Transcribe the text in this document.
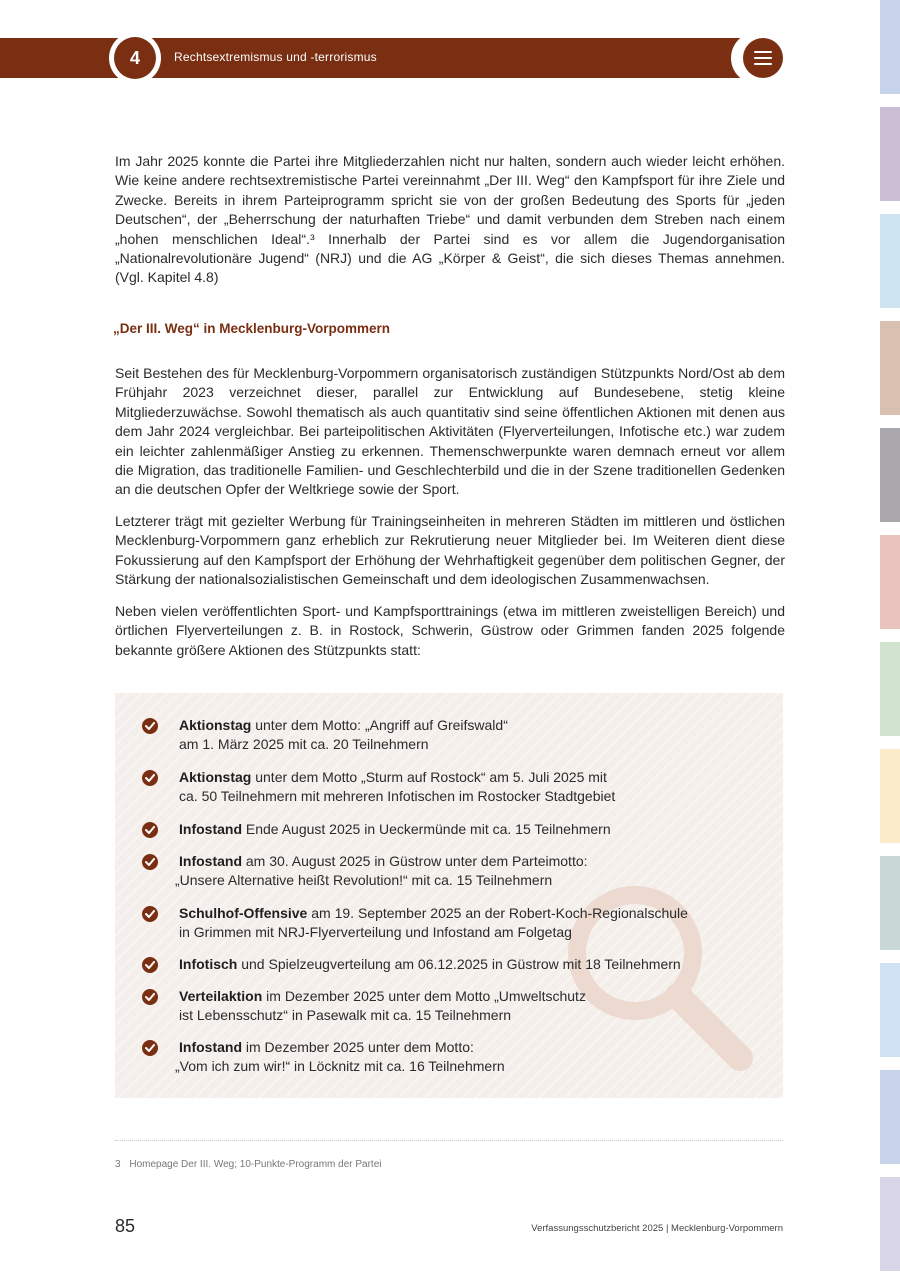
4	Rechtsextremismus und -terrorismus

Im Jahr 2025 konnte die Partei ihre Mitgliederzahlen nicht nur halten, sondern auch wieder leicht erhöhen. Wie keine andere rechtsextremistische Partei vereinnahmt „Der III. Weg“ den Kampfsport für ihre Ziele und Zwecke. Bereits in ihrem Parteiprogramm spricht sie von der großen Bedeutung des Sports für „jeden Deutschen“, der „Beherrschung der naturhaften Triebe“ und damit verbunden dem Streben nach einem „hohen menschlichen Ideal“.³ Innerhalb der Partei sind es vor allem die Jugendorganisation „Nationalrevolutionäre Jugend“ (NRJ) und die AG „Körper & Geist“, die sich dieses Themas annehmen. (Vgl. Kapitel 4.8)

„Der III. Weg“ in Mecklenburg-Vorpommern

Seit Bestehen des für Mecklenburg-Vorpommern organisatorisch zuständigen Stützpunkts Nord/Ost ab dem Frühjahr 2023 verzeichnet dieser, parallel zur Entwicklung auf Bundesebene, stetig kleine Mitgliederzuwächse. Sowohl thematisch als auch quantitativ sind seine öffentlichen Aktionen mit denen aus dem Jahr 2024 vergleichbar. Bei parteipolitischen Aktivitäten (Flyerverteilungen, Infotische etc.) war zudem ein leichter zahlenmäßiger Anstieg zu erkennen. Themenschwerpunkte waren demnach erneut vor allem die Migration, das traditionelle Familien- und Geschlechterbild und die in der Szene traditionellen Gedenken an die deutschen Opfer der Weltkriege sowie der Sport.

Letzterer trägt mit gezielter Werbung für Trainingseinheiten in mehreren Städten im mittleren und östlichen Mecklenburg-Vorpommern ganz erheblich zur Rekrutierung neuer Mitglieder bei. Im Weiteren dient diese Fokussierung auf den Kampfsport der Erhöhung der Wehrhaftigkeit gegenüber dem politischen Gegner, der Stärkung der nationalsozialistischen Gemeinschaft und dem ideologischen Zusammenwachsen.

Neben vielen veröffentlichten Sport- und Kampfsporttrainings (etwa im mittleren zweistelligen Bereich) und örtlichen Flyerverteilungen z. B. in Rostock, Schwerin, Güstrow oder Grimmen fanden 2025 folgende bekannte größere Aktionen des Stützpunkts statt:

Aktionstag unter dem Motto: „Angriff auf Greifswald“
am 1. März 2025 mit ca. 20 Teilnehmern
Aktionstag unter dem Motto „Sturm auf Rostock“ am 5. Juli 2025 mit
ca. 50 Teilnehmern mit mehreren Infotischen im Rostocker Stadtgebiet
Infostand Ende August 2025 in Ueckermünde mit ca. 15 Teilnehmern
Infostand am 30. August 2025 in Güstrow unter dem Parteimotto:
„Unsere Alternative heißt Revolution!“ mit ca. 15 Teilnehmern
Schulhof-Offensive am 19. September 2025 an der Robert-Koch-Regionalschule
in Grimmen mit NRJ-Flyerverteilung und Infostand am Folgetag
Infotisch und Spielzeugverteilung am 06.12.2025 in Güstrow mit 18 Teilnehmern
Verteilaktion im Dezember 2025 unter dem Motto „Umweltschutz
ist Lebensschutz“ in Pasewalk mit ca. 15 Teilnehmern
Infostand im Dezember 2025 unter dem Motto:
„Vom ich zum wir!“ in Löcknitz mit ca. 16 Teilnehmern
3 Homepage Der III. Weg; 10-Punkte-Programm der Partei
85	Verfassungsschutzbericht 2025 | Mecklenburg-Vorpommern
